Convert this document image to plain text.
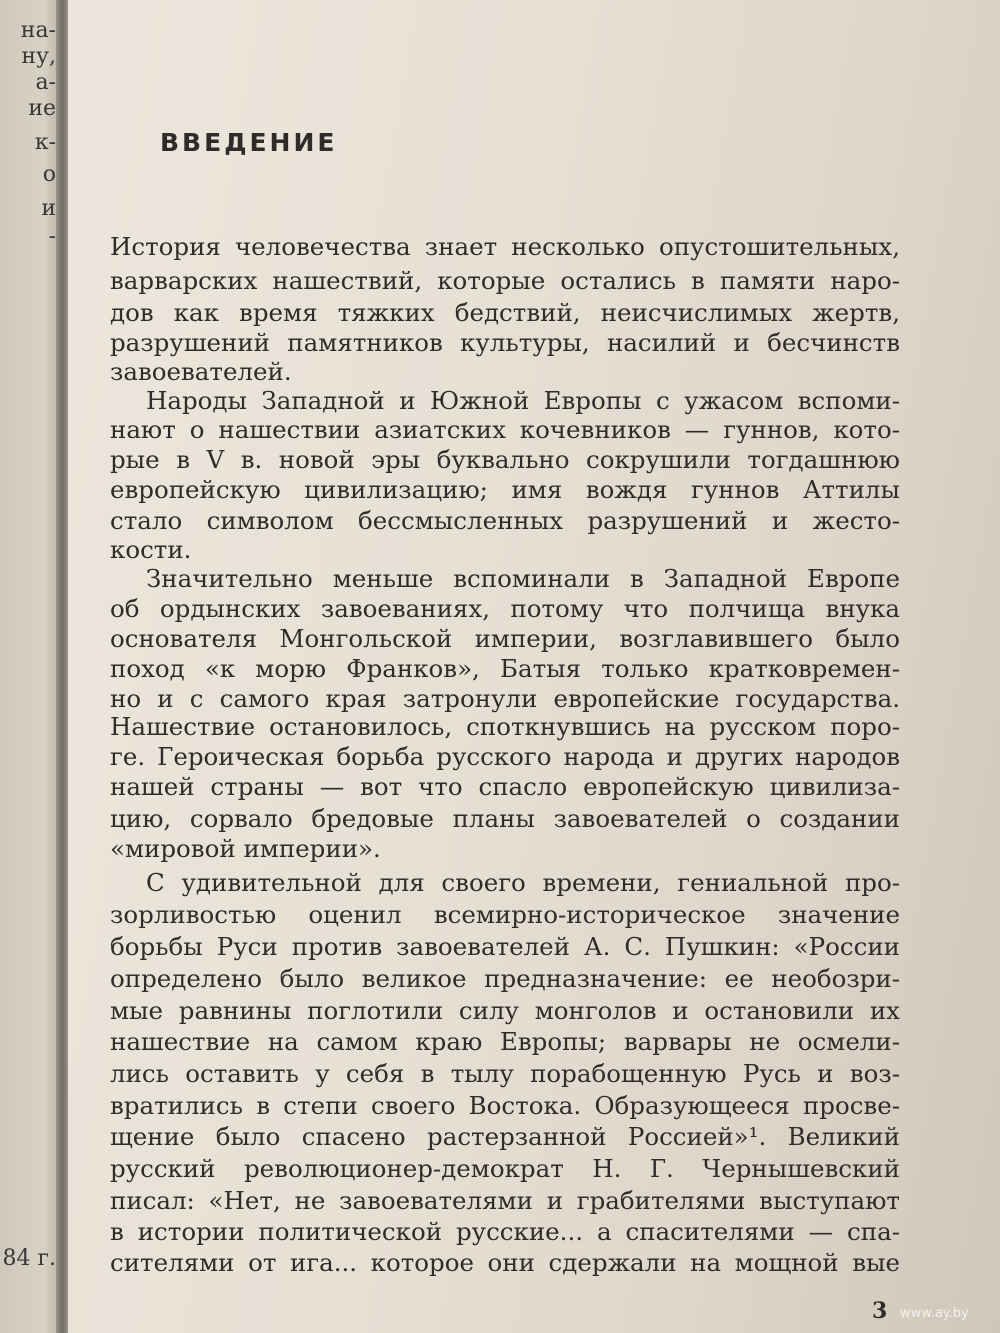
на-
ну,
а-
ие
к-
о
и
-
84 г.
ВВЕДЕНИЕ
История человечества знает несколько опустошительных,
варварских нашествий, которые остались в памяти наро-
дов как время тяжких бедствий, неисчислимых жертв,
разрушений памятников культуры, насилий и бесчинств
завоевателей.
Народы Западной и Южной Европы с ужасом вспоми-
нают о нашествии азиатских кочевников — гуннов, кото-
рые в V в. новой эры буквально сокрушили тогдашнюю
европейскую цивилизацию; имя вождя гуннов Аттилы
стало символом бессмысленных разрушений и жесто-
кости.
Значительно меньше вспоминали в Западной Европе
об ордынских завоеваниях, потому что полчища внука
основателя Монгольской империи, возглавившего было
поход «к морю Франков», Батыя только кратковремен-
но и с самого края затронули европейские государства.
Нашествие остановилось, споткнувшись на русском поро-
ге. Героическая борьба русского народа и других народов
нашей страны — вот что спасло европейскую цивилиза-
цию, сорвало бредовые планы завоевателей о создании
«мировой империи».
С удивительной для своего времени, гениальной про-
зорливостью оценил всемирно-историческое значение
борьбы Руси против завоевателей А. С. Пушкин: «России
определено было великое предназначение: ее необозри-
мые равнины поглотили силу монголов и остановили их
нашествие на самом краю Европы; варвары не осмели-
лись оставить у себя в тылу порабощенную Русь и воз-
вратились в степи своего Востока. Образующееся просве-
щение было спасено растерзанной Россией»¹. Великий
русский революционер-демократ Н. Г. Чернышевский
писал: «Нет, не завоевателями и грабителями выступают
в истории политической русские... а спасителями — спа-
сителями от ига... которое они сдержали на мощной вые
3 www.ay.by
